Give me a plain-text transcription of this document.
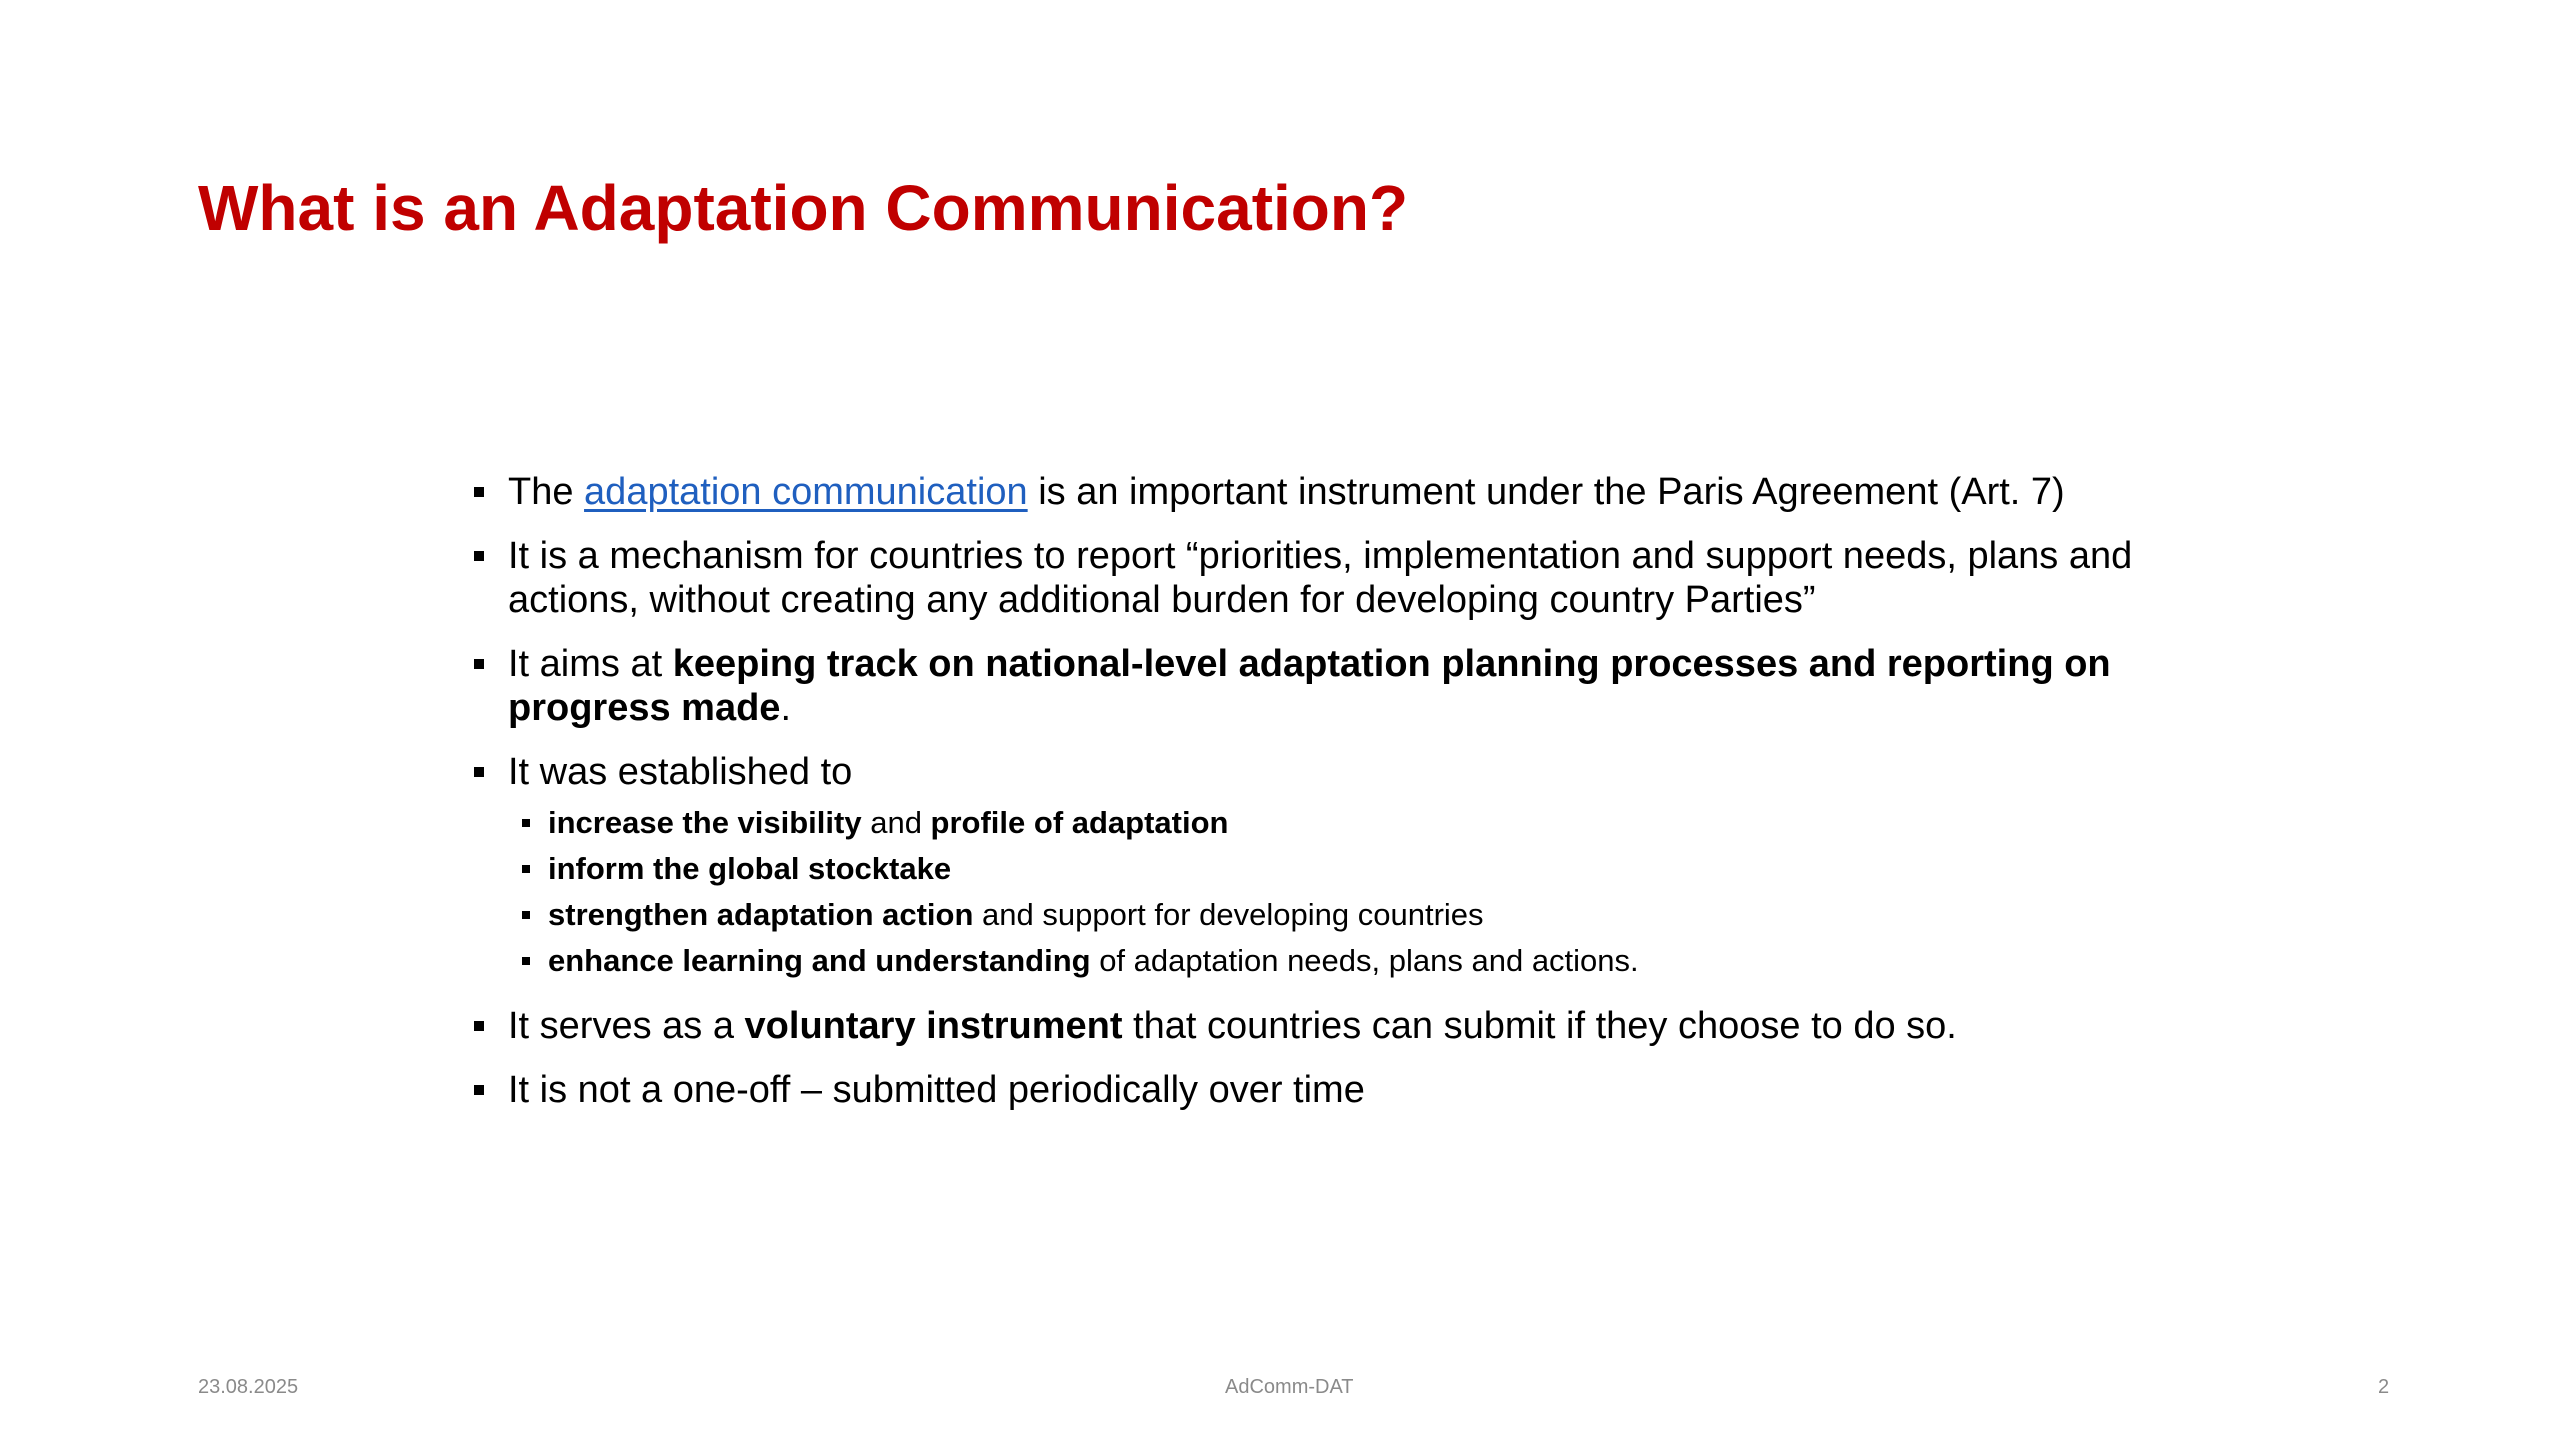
What is an Adaptation Communication?
The adaptation communication is an important instrument under the Paris Agreement (Art. 7)
It is a mechanism for countries to report “priorities, implementation and support needs, plans and actions, without creating any additional burden for developing country Parties”
It aims at keeping track on national-level adaptation planning processes and reporting on progress made.
It was established to
increase the visibility and profile of adaptation
inform the global stocktake
strengthen adaptation action and support for developing countries
enhance learning and understanding of adaptation needs, plans and actions.
It serves as a voluntary instrument that countries can submit if they choose to do so.
It is not a one-off – submitted periodically over time
23.08.2025	AdComm-DAT	2
